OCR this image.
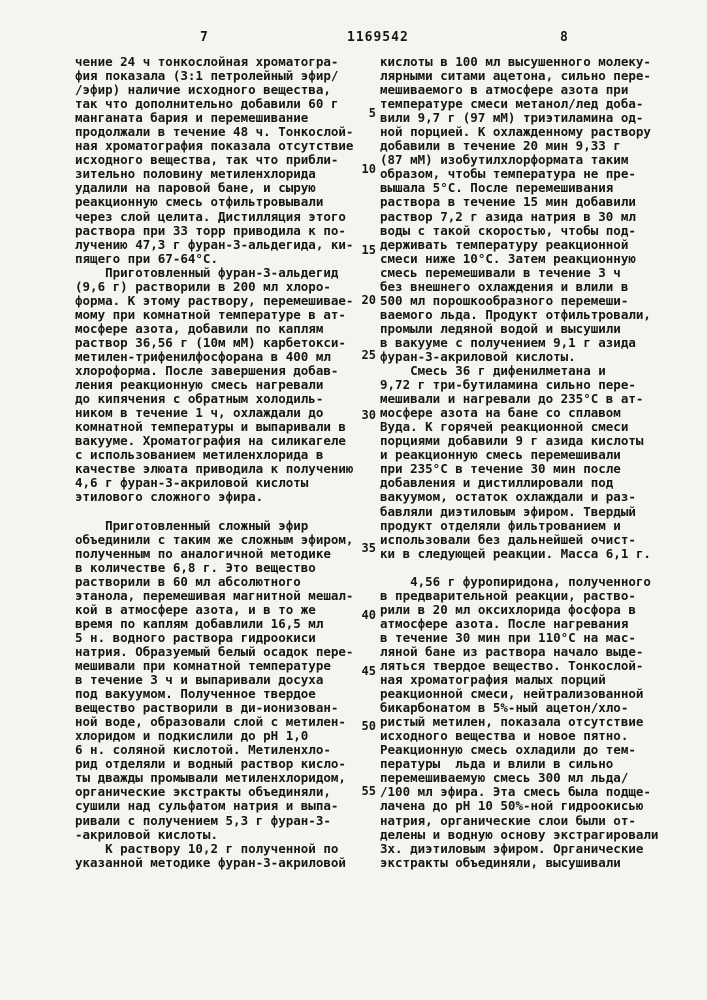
7	1169542	8
чение 24 ч тонкослойная хроматогра-
фия показала (3:1 петролейный эфир/
/эфир) наличие исходного вещества,
так что дополнительно добавили 60 г
манганата бария и перемешивание
продолжали в течение 48 ч. Тонкослой-
ная хроматография показала отсутствие
исходного вещества, так что прибли-
зительно половину метиленхлорида
удалили на паровой бане, и сырую
реакционную смесь отфильтровывали
через слой целита. Дистилляция этого
раствора при 33 торр приводила к по-
лучению 47,3 г фуран-3-альдегида, ки-
пящего при 67-64°С.
Приготовленный фуран-3-альдегид
(9,6 г) растворили в 200 мл хлоро-
форма. К этому раствору, перемешивае-
мому при комнатной температуре в ат-
мосфере азота, добавили по каплям
раствор 36,56 г (10м мМ) карбетокси-
метилен-трифенилфосфорана в 400 мл
хлороформа. После завершения добав-
ления реакционную смесь нагревали
до кипячения с обратным холодиль-
ником в течение 1 ч, охлаждали до
комнатной температуры и выпаривали в
вакууме. Хроматография на силикагеле
с использованием метиленхлорида в
качестве элюата приводила к получению
4,6 г фуран-3-акриловой кислоты
этилового сложного эфира.

Приготовленный сложный эфир
объединили с таким же сложным эфиром,
полученным по аналогичной методике
в количестве 6,8 г. Это вещество
растворили в 60 мл абсолютного
этанола, перемешивая магнитной мешал-
кой в атмосфере азота, и в то же
время по каплям добавлили 16,5 мл
5 н. водного раствора гидроокиси
натрия. Образуемый белый осадок пере-
мешивали при комнатной температуре
в течение 3 ч и выпаривали досуха
под вакуумом. Полученное твердое
вещество растворили в ди-ионизован-
ной воде, образовали слой с метилен-
хлоридом и подкислили до рН 1,0
6 н. соляной кислотой. Метиленхло-
рид отделяли и водный раствор кисло-
ты дважды промывали метиленхлоридом,
органические экстракты объединяли,
сушили над сульфатом натрия и выпа-
ривали с получением 5,3 г фуран-3-
-акриловой кислоты.
К раствору 10,2 г полученной по
указанной методике фуран-3-акриловой
5
10
15
20
25
30
35
40
45
50
55
кислоты в 100 мл высушенного молеку-
лярными ситами ацетона, сильно пере-
мешиваемого в атмосфере азота при
температуре смеси метанол/лед доба-
вили 9,7 г (97 мМ) триэтиламина од-
ной порцией. К охлажденному раствору
добавили в течение 20 мин 9,33 г
(87 мМ) изобутилхлорформата таким
образом, чтобы температура не пре-
вышала 5°С. После перемешивания
раствора в течение 15 мин добавили
раствор 7,2 г азида натрия в 30 мл
воды с такой скоростью, чтобы под-
держивать температуру реакционной
смеси ниже 10°С. Затем реакционную
смесь перемешивали в течение 3 ч
без внешнего охлаждения и влили в
500 мл порошкообразного перемеши-
ваемого льда. Продукт отфильтровали,
промыли ледяной водой и высушили
в вакууме с получением 9,1 г азида
фуран-3-акриловой кислоты.
Смесь 36 г дифенилметана и
9,72 г три-бутиламина сильно пере-
мешивали и нагревали до 235°С в ат-
мосфере азота на бане со сплавом
Вуда. К горячей реакционной смеси
порциями добавили 9 г азида кислоты
и реакционную смесь перемешивали
при 235°С в течение 30 мин после
добавления и дистиллировали под
вакуумом, остаток охлаждали и раз-
бавляли диэтиловым эфиром. Твердый
продукт отделяли фильтрованием и
использовали без дальнейшей очист-
ки в следующей реакции. Масса 6,1 г.

4,56 г фуропиридона, полученного
в предварительной реакции, раство-
рили в 20 мл оксихлорида фосфора в
атмосфере азота. После нагревания
в течение 30 мин при 110°С на мас-
ляной бане из раствора начало выде-
ляться твердое вещество. Тонкослой-
ная хроматография малых порций
реакционной смеси, нейтрализованной
бикарбонатом в 5%-ный ацетон/хло-
ристый метилен, показала отсутствие
исходного вещества и новое пятно.
Реакционную смесь охладили до тем-
пературы  льда и влили в сильно
перемешиваемую смесь 300 мл льда/
/100 мл эфира. Эта смесь была подще-
лачена до рН 10 50%-ной гидроокисью
натрия, органические слои были от-
делены и водную основу экстрагировали
3х. диэтиловым эфиром. Органические
экстракты объединяли, высушивали
